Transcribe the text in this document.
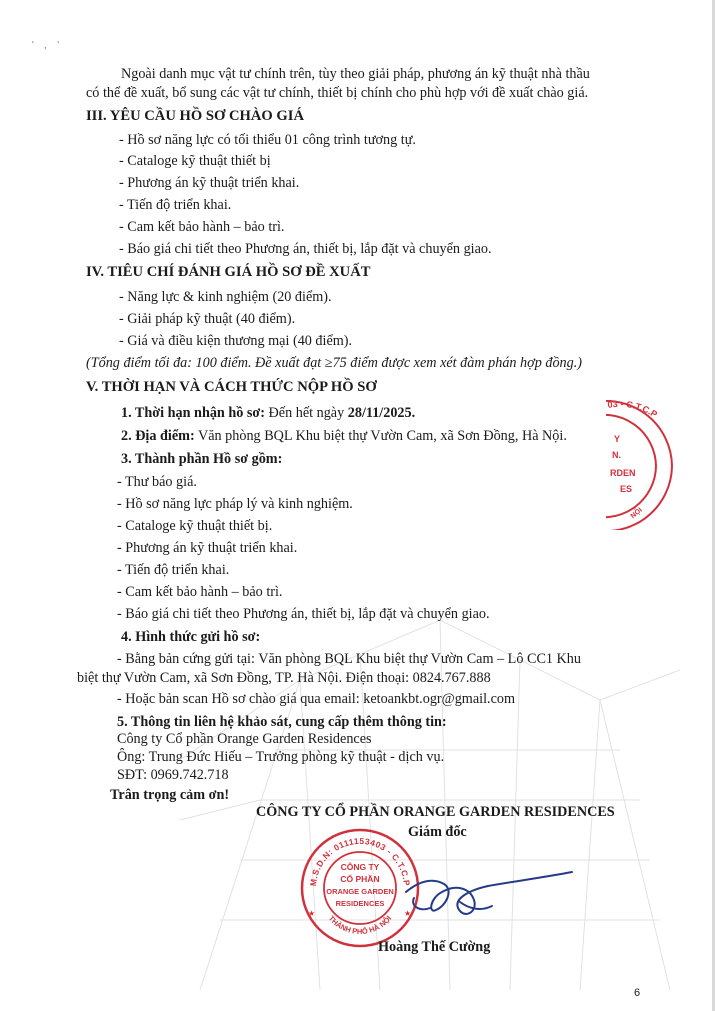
' , '
Ngoài danh mục vật tư chính trên, tùy theo giải pháp, phương án kỹ thuật nhà thầu
có thể đề xuất, bổ sung các vật tư chính, thiết bị chính cho phù hợp với đề xuất chào giá.
III. YÊU CẦU HỒ SƠ CHÀO GIÁ
- Hồ sơ năng lực có tối thiểu 01 công trình tương tự.
- Cataloge kỹ thuật thiết bị
- Phương án kỹ thuật triển khai.
- Tiến độ triển khai.
- Cam kết bảo hành – bảo trì.
- Báo giá chi tiết theo Phương án, thiết bị, lắp đặt và chuyển giao.
IV. TIÊU CHÍ ĐÁNH GIÁ HỒ SƠ ĐỀ XUẤT
- Năng lực & kinh nghiệm (20 điểm).
- Giải pháp kỹ thuật (40 điểm).
- Giá và điều kiện thương mại (40 điểm).
(Tổng điểm tối đa: 100 điểm. Đề xuất đạt ≥75 điểm được xem xét đàm phán hợp đồng.)
V. THỜI HẠN VÀ CÁCH THỨC NỘP HỒ SƠ
1. Thời hạn nhận hồ sơ: Đến hết ngày 28/11/2025.
2. Địa điểm: Văn phòng BQL Khu biệt thự Vườn Cam, xã Sơn Đồng, Hà Nội.
3. Thành phần Hồ sơ gồm:
- Thư báo giá.
- Hồ sơ năng lực pháp lý và kinh nghiệm.
- Cataloge kỹ thuật thiết bị.
- Phương án kỹ thuật triển khai.
- Tiến độ triển khai.
- Cam kết bảo hành – bảo trì.
- Báo giá chi tiết theo Phương án, thiết bị, lắp đặt và chuyển giao.
4. Hình thức gửi hồ sơ:
- Bằng bản cứng gửi tại: Văn phòng BQL Khu biệt thự Vườn Cam – Lô CC1 Khu
biệt thự Vườn Cam, xã Sơn Đồng, TP. Hà Nội. Điện thoại: 0824.767.888
- Hoặc bản scan Hồ sơ chào giá qua email: ketoankbt.ogr@gmail.com
5. Thông tin liên hệ khảo sát, cung cấp thêm thông tin:
Công ty Cổ phần Orange Garden Residences
Ông: Trung Đức Hiếu – Trưởng phòng kỹ thuật - dịch vụ.
SĐT: 0969.742.718
Trân trọng cảm ơn!
03 - C.T.C.P
Y
N.
RDEN
ES
NỘI
CÔNG TY CỔ PHẦN ORANGE GARDEN RESIDENCES
Giám đốc
M.S.D.N: 0111153403 - C.T.C.P
THÀNH PHỐ HÀ NỘI
CÔNG TY
CỔ PHẦN
ORANGE GARDEN
RESIDENCES
★	★
Hoàng Thế Cường
6
